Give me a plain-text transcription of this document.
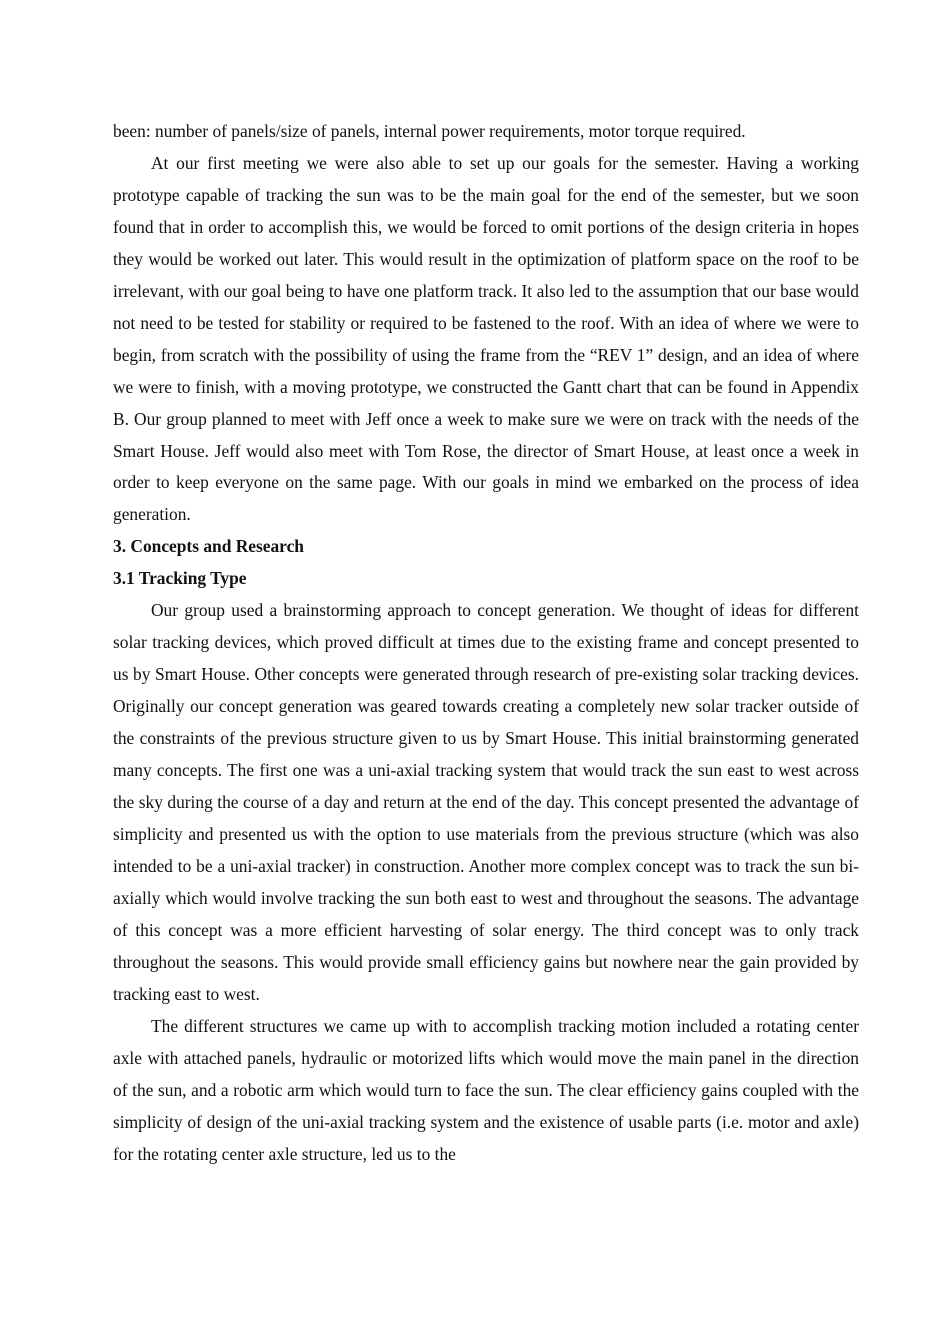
been: number of panels/size of panels, internal power requirements, motor torque required.

At our first meeting we were also able to set up our goals for the semester. Having a working prototype capable of tracking the sun was to be the main goal for the end of the semester, but we soon found that in order to accomplish this, we would be forced to omit portions of the design criteria in hopes they would be worked out later. This would result in the optimization of platform space on the roof to be irrelevant, with our goal being to have one platform track. It also led to the assumption that our base would not need to be tested for stability or required to be fastened to the roof. With an idea of where we were to begin, from scratch with the possibility of using the frame from the “REV 1” design, and an idea of where we were to finish, with a moving prototype, we constructed the Gantt chart that can be found in Appendix B. Our group planned to meet with Jeff once a week to make sure we were on track with the needs of the Smart House. Jeff would also meet with Tom Rose, the director of Smart House, at least once a week in order to keep everyone on the same page. With our goals in mind we embarked on the process of idea generation.

3. Concepts and Research

3.1 Tracking Type

Our group used a brainstorming approach to concept generation. We thought of ideas for different solar tracking devices, which proved difficult at times due to the existing frame and concept presented to us by Smart House. Other concepts were generated through research of pre-existing solar tracking devices. Originally our concept generation was geared towards creating a completely new solar tracker outside of the constraints of the previous structure given to us by Smart House. This initial brainstorming generated many concepts. The first one was a uni-axial tracking system that would track the sun east to west across the sky during the course of a day and return at the end of the day. This concept presented the advantage of simplicity and presented us with the option to use materials from the previous structure (which was also intended to be a uni-axial tracker) in construction. Another more complex concept was to track the sun bi-axially which would involve tracking the sun both east to west and throughout the seasons. The advantage of this concept was a more efficient harvesting of solar energy. The third concept was to only track throughout the seasons. This would provide small efficiency gains but nowhere near the gain provided by tracking east to west.

The different structures we came up with to accomplish tracking motion included a rotating center axle with attached panels, hydraulic or motorized lifts which would move the main panel in the direction of the sun, and a robotic arm which would turn to face the sun. The clear efficiency gains coupled with the simplicity of design of the uni-axial tracking system and the existence of usable parts (i.e. motor and axle) for the rotating center axle structure, led us to the
